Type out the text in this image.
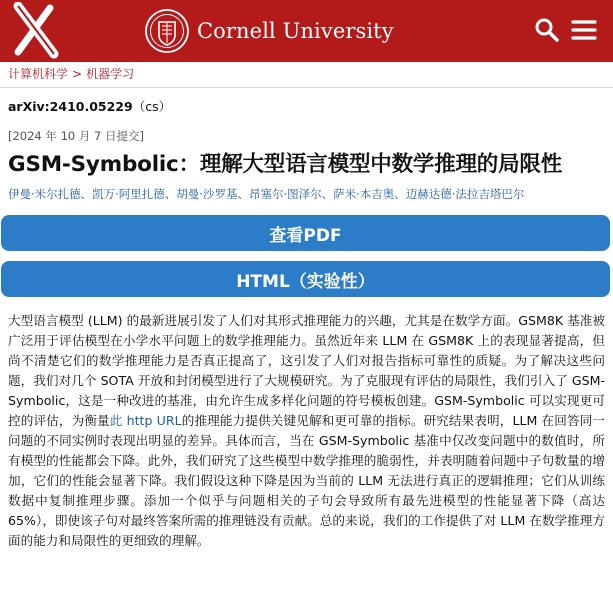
Cornell University
计算机科学 > 机器学习
arXiv:2410.05229（cs）
[2024 年 10 月 7 日提交]
GSM-Symbolic：理解大型语言模型中数学推理的局限性
伊曼·米尔扎德、凯万·阿里扎德、胡曼·沙罗基、昂塞尔·图泽尔、萨米·本吉奥、迈赫达德·法拉吉塔巴尔
查看PDF
HTML（实验性）
大型语言模型 (LLM) 的最新进展引发了人们对其形式推理能力的兴趣，尤其是在数学方面。GSM8K 基准被广泛用于评估模型在小学水平问题上的数学推理能力。虽然近年来 LLM 在 GSM8K 上的表现显著提高，但尚不清楚它们的数学推理能力是否真正提高了，这引发了人们对报告指标可靠性的质疑。为了解决这些问题，我们对几个 SOTA 开放和封闭模型进行了大规模研究。为了克服现有评估的局限性，我们引入了 GSM-Symbolic，这是一种改进的基准，由允许生成多样化问题的符号模板创建。GSM-Symbolic 可以实现更可控的评估，为衡量此 http URL的推理能力提供关键见解和更可靠的指标。研究结果表明，LLM 在回答同一问题的不同实例时表现出明显的差异。具体而言，当在 GSM-Symbolic 基准中仅改变问题中的数值时，所有模型的性能都会下降。此外，我们研究了这些模型中数学推理的脆弱性，并表明随着问题中子句数量的增加，它们的性能会显著下降。我们假设这种下降是因为当前的 LLM 无法进行真正的逻辑推理；它们从训练数据中复制推理步骤。添加一个似乎与问题相关的子句会导致所有最先进模型的性能显著下降（高达 65%），即使该子句对最终答案所需的推理链没有贡献。总的来说，我们的工作提供了对 LLM 在数学推理方面的能力和局限性的更细致的理解。
